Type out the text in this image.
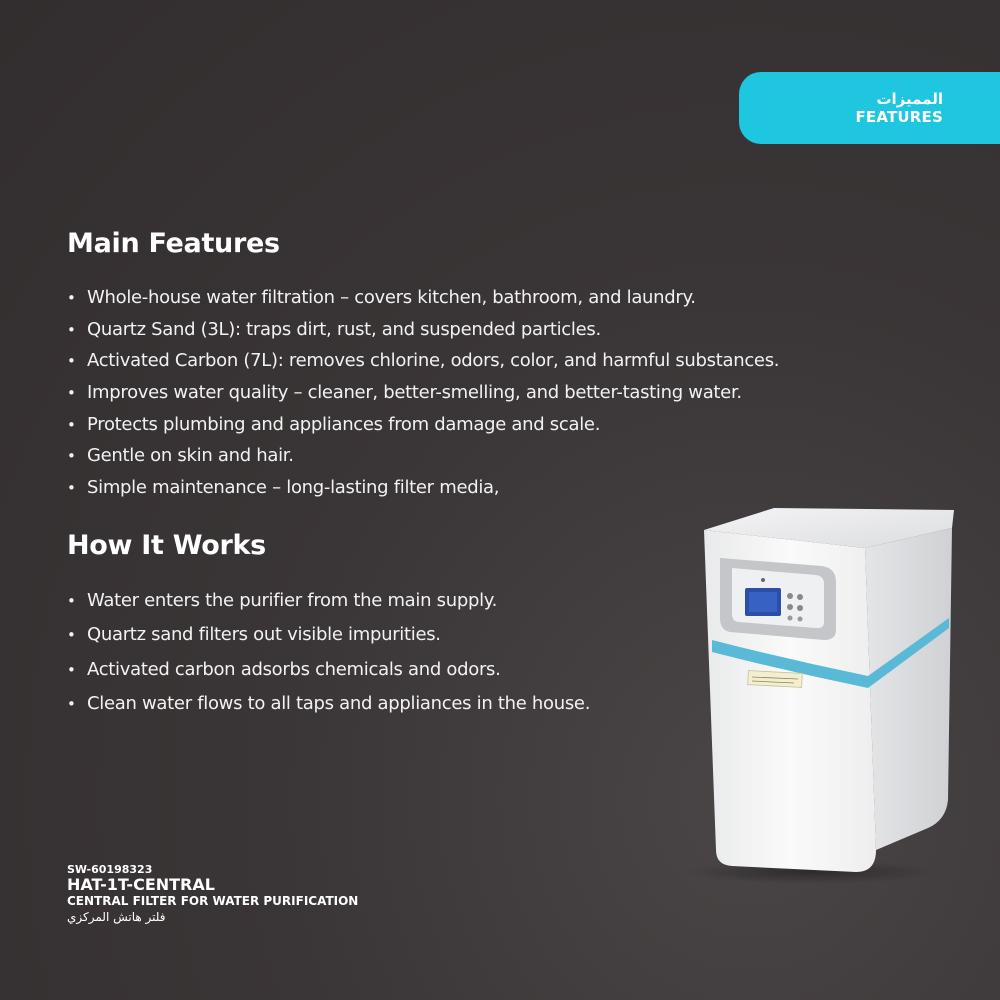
المميزات
FEATURES
Main Features
• Whole-house water filtration – covers kitchen, bathroom, and laundry.
• Quartz Sand (3L): traps dirt, rust, and suspended particles.
• Activated Carbon (7L): removes chlorine, odors, color, and harmful substances.
• Improves water quality – cleaner, better-smelling, and better-tasting water.
• Protects plumbing and appliances from damage and scale.
• Gentle on skin and hair.
• Simple maintenance – long-lasting filter media,
How It Works
• Water enters the purifier from the main supply.
• Quartz sand filters out visible impurities.
• Activated carbon adsorbs chemicals and odors.
• Clean water flows to all taps and appliances in the house.
SW-60198323
HAT-1T-CENTRAL
CENTRAL FILTER FOR WATER PURIFICATION
فلتر هاتش المركزي
